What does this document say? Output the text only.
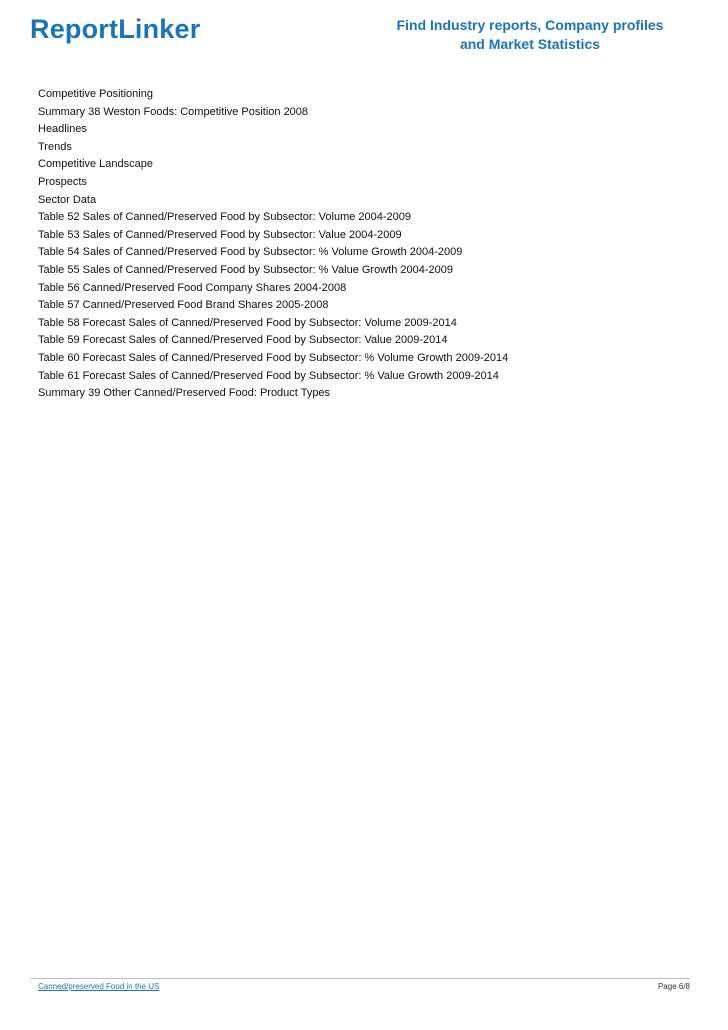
ReportLinker	Find Industry reports, Company profiles
and Market Statistics
Competitive Positioning
Summary 38 Weston Foods: Competitive Position 2008
Headlines
Trends
Competitive Landscape
Prospects
Sector Data
Table 52 Sales of Canned/Preserved Food by Subsector: Volume 2004-2009
Table 53 Sales of Canned/Preserved Food by Subsector: Value 2004-2009
Table 54 Sales of Canned/Preserved Food by Subsector: % Volume Growth 2004-2009
Table 55 Sales of Canned/Preserved Food by Subsector: % Value Growth 2004-2009
Table 56 Canned/Preserved Food Company Shares 2004-2008
Table 57 Canned/Preserved Food Brand Shares 2005-2008
Table 58 Forecast Sales of Canned/Preserved Food by Subsector: Volume 2009-2014
Table 59 Forecast Sales of Canned/Preserved Food by Subsector: Value 2009-2014
Table 60 Forecast Sales of Canned/Preserved Food by Subsector: % Volume Growth 2009-2014
Table 61 Forecast Sales of Canned/Preserved Food by Subsector: % Value Growth 2009-2014
Summary 39 Other Canned/Preserved Food: Product Types
Canned/preserved Food in the US	Page 6/8
